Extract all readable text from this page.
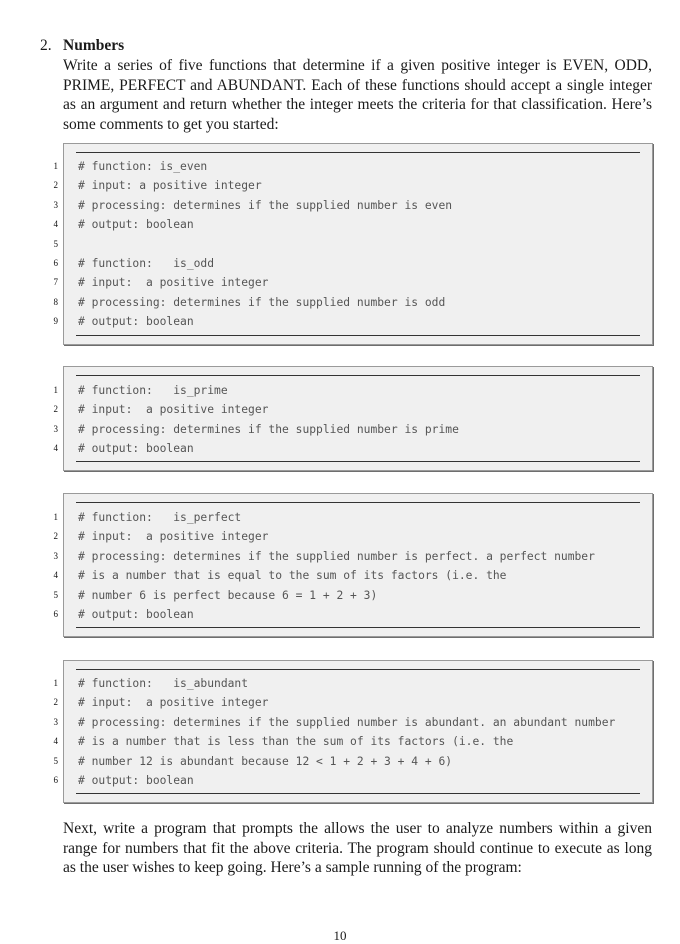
2. Numbers
Write a series of five functions that determine if a given positive integer is EVEN, ODD, PRIME, PERFECT and ABUNDANT. Each of these functions should accept a single integer as an argument and return whether the integer meets the criteria for that classification. Here’s some comments to get you started:
1 # function: is_even
2 # input: a positive integer
3 # processing: determines if the supplied number is even
4 # output: boolean
5
6 # function:   is_odd
7 # input:  a positive integer
8 # processing: determines if the supplied number is odd
9 # output: boolean
1 # function:   is_prime
2 # input:  a positive integer
3 # processing: determines if the supplied number is prime
4 # output: boolean
1 # function:   is_perfect
2 # input:  a positive integer
3 # processing: determines if the supplied number is perfect. a perfect number
4 # is a number that is equal to the sum of its factors (i.e. the
5 # number 6 is perfect because 6 = 1 + 2 + 3)
6 # output: boolean
1 # function:   is_abundant
2 # input:  a positive integer
3 # processing: determines if the supplied number is abundant. an abundant number
4 # is a number that is less than the sum of its factors (i.e. the
5 # number 12 is abundant because 12 < 1 + 2 + 3 + 4 + 6)
6 # output: boolean
Next, write a program that prompts the allows the user to analyze numbers within a given range for numbers that fit the above criteria. The program should continue to execute as long as the user wishes to keep going. Here’s a sample running of the program:
10
